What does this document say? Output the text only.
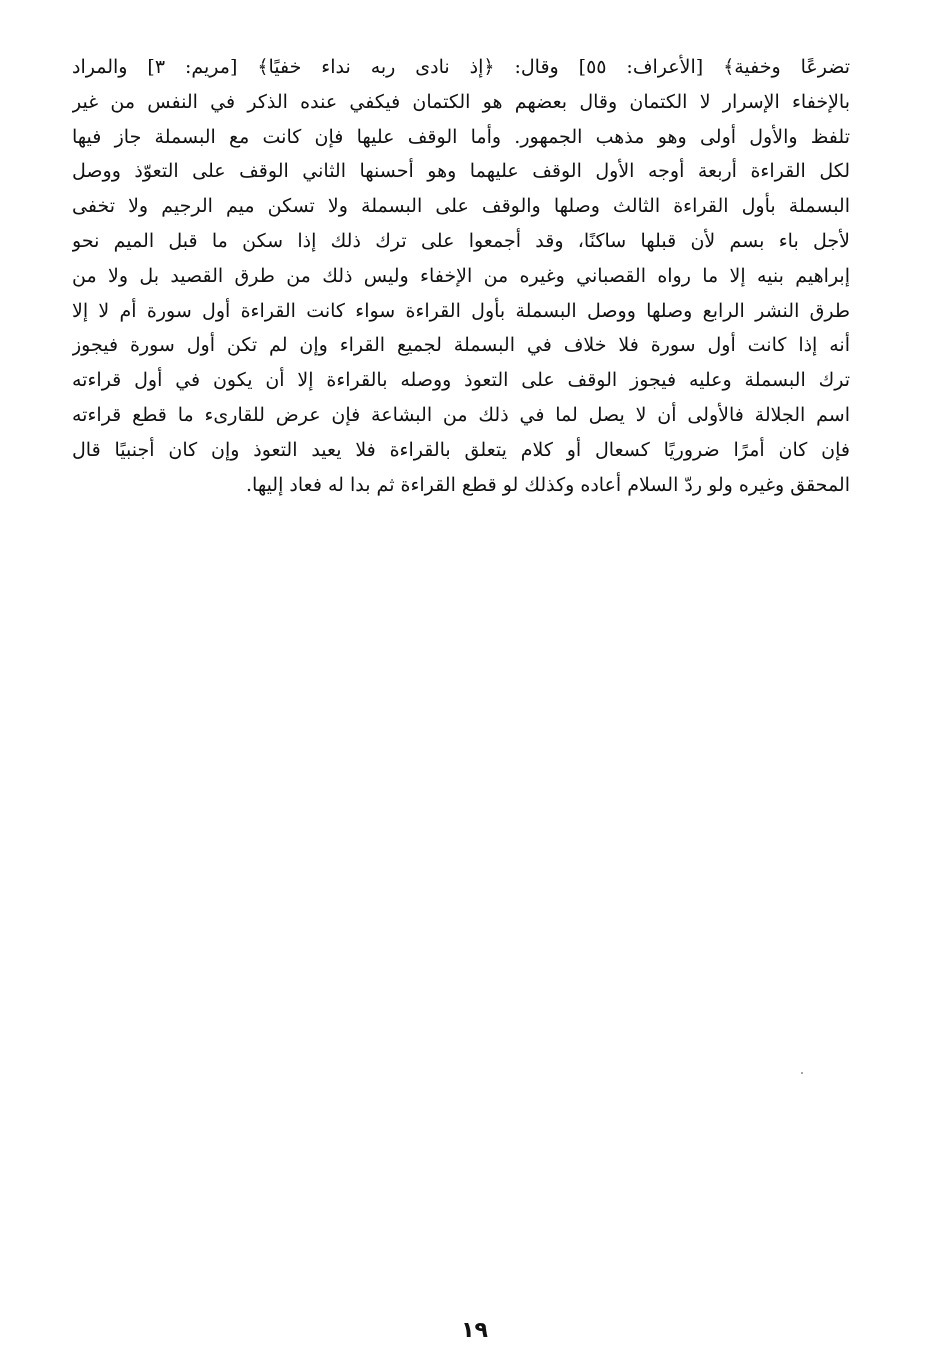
تضرعًا وخفية﴾ [الأعراف: ٥٥] وقال: ﴿إذ نادى ربه نداء خفيًا﴾ [مريم: ٣] والمراد
بالإخفاء الإسرار لا الكتمان وقال بعضهم هو الكتمان فيكفي عنده الذكر في النفس من غير
تلفظ والأول أولى وهو مذهب الجمهور. وأما الوقف عليها فإن كانت مع البسملة جاز فيها
لكل القراءة أربعة أوجه الأول الوقف عليهما وهو أحسنها الثاني الوقف على التعوّذ ووصل
البسملة بأول القراءة الثالث وصلها والوقف على البسملة ولا تسكن ميم الرجيم ولا تخفى
لأجل باء بسم لأن قبلها ساكنًا، وقد أجمعوا على ترك ذلك إذا سكن ما قبل الميم نحو
إبراهيم بنيه إلا ما رواه القصباني وغيره من الإخفاء وليس ذلك من طرق القصيد بل ولا من
طرق النشر الرابع وصلها ووصل البسملة بأول القراءة سواء كانت القراءة أول سورة أم لا إلا
أنه إذا كانت أول سورة فلا خلاف في البسملة لجميع القراء وإن لم تكن أول سورة فيجوز
ترك البسملة وعليه فيجوز الوقف على التعوذ ووصله بالقراءة إلا أن يكون في أول قراءته
اسم الجلالة فالأولى أن لا يصل لما في ذلك من البشاعة فإن عرض للقارىء ما قطع قراءته
فإن كان أمرًا ضروريًا كسعال أو كلام يتعلق بالقراءة فلا يعيد التعوذ وإن كان أجنبيًا قال
المحقق وغيره ولو ردّ السلام أعاده وكذلك لو قطع القراءة ثم بدا له فعاد إليها.
١٩
